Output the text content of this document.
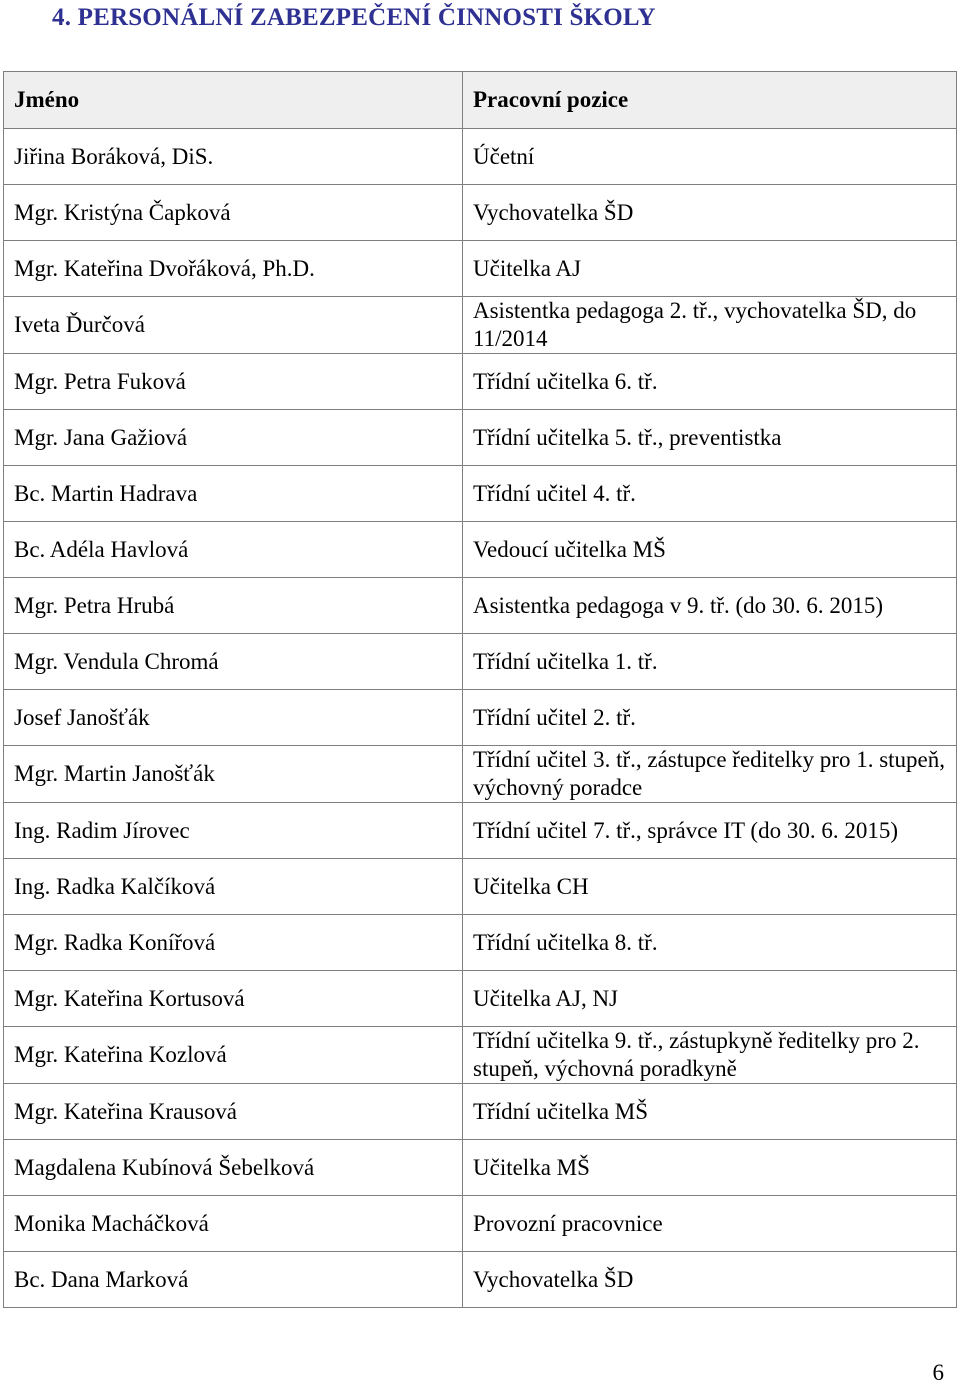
4. PERSONÁLNÍ ZABEZPEČENÍ ČINNOSTI ŠKOLY
Jméno	Pracovní pozice
Jiřina Boráková, DiS.	Účetní
Mgr. Kristýna Čapková	Vychovatelka ŠD
Mgr. Kateřina Dvořáková, Ph.D.	Učitelka AJ
Iveta Ďurčová	Asistentka pedagoga 2. tř., vychovatelka ŠD, do 11/2014
Mgr. Petra Fuková	Třídní učitelka 6. tř.
Mgr. Jana Gažiová	Třídní učitelka 5. tř., preventistka
Bc. Martin Hadrava	Třídní učitel 4. tř.
Bc. Adéla Havlová	Vedoucí učitelka MŠ
Mgr. Petra Hrubá	Asistentka pedagoga v 9. tř. (do 30. 6. 2015)
Mgr. Vendula Chromá	Třídní učitelka 1. tř.
Josef Janošťák	Třídní učitel 2. tř.
Mgr. Martin Janošťák	Třídní učitel 3. tř., zástupce ředitelky pro 1. stupeň, výchovný poradce
Ing. Radim Jírovec	Třídní učitel 7. tř., správce IT (do 30. 6. 2015)
Ing. Radka Kalčíková	Učitelka CH
Mgr. Radka Konířová	Třídní učitelka 8. tř.
Mgr. Kateřina Kortusová	Učitelka AJ, NJ
Mgr. Kateřina Kozlová	Třídní učitelka 9. tř., zástupkyně ředitelky pro 2. stupeň, výchovná poradkyně
Mgr. Kateřina Krausová	Třídní učitelka MŠ
Magdalena Kubínová Šebelková	Učitelka MŠ
Monika Macháčková	Provozní pracovnice
Bc. Dana Marková	Vychovatelka ŠD
6
